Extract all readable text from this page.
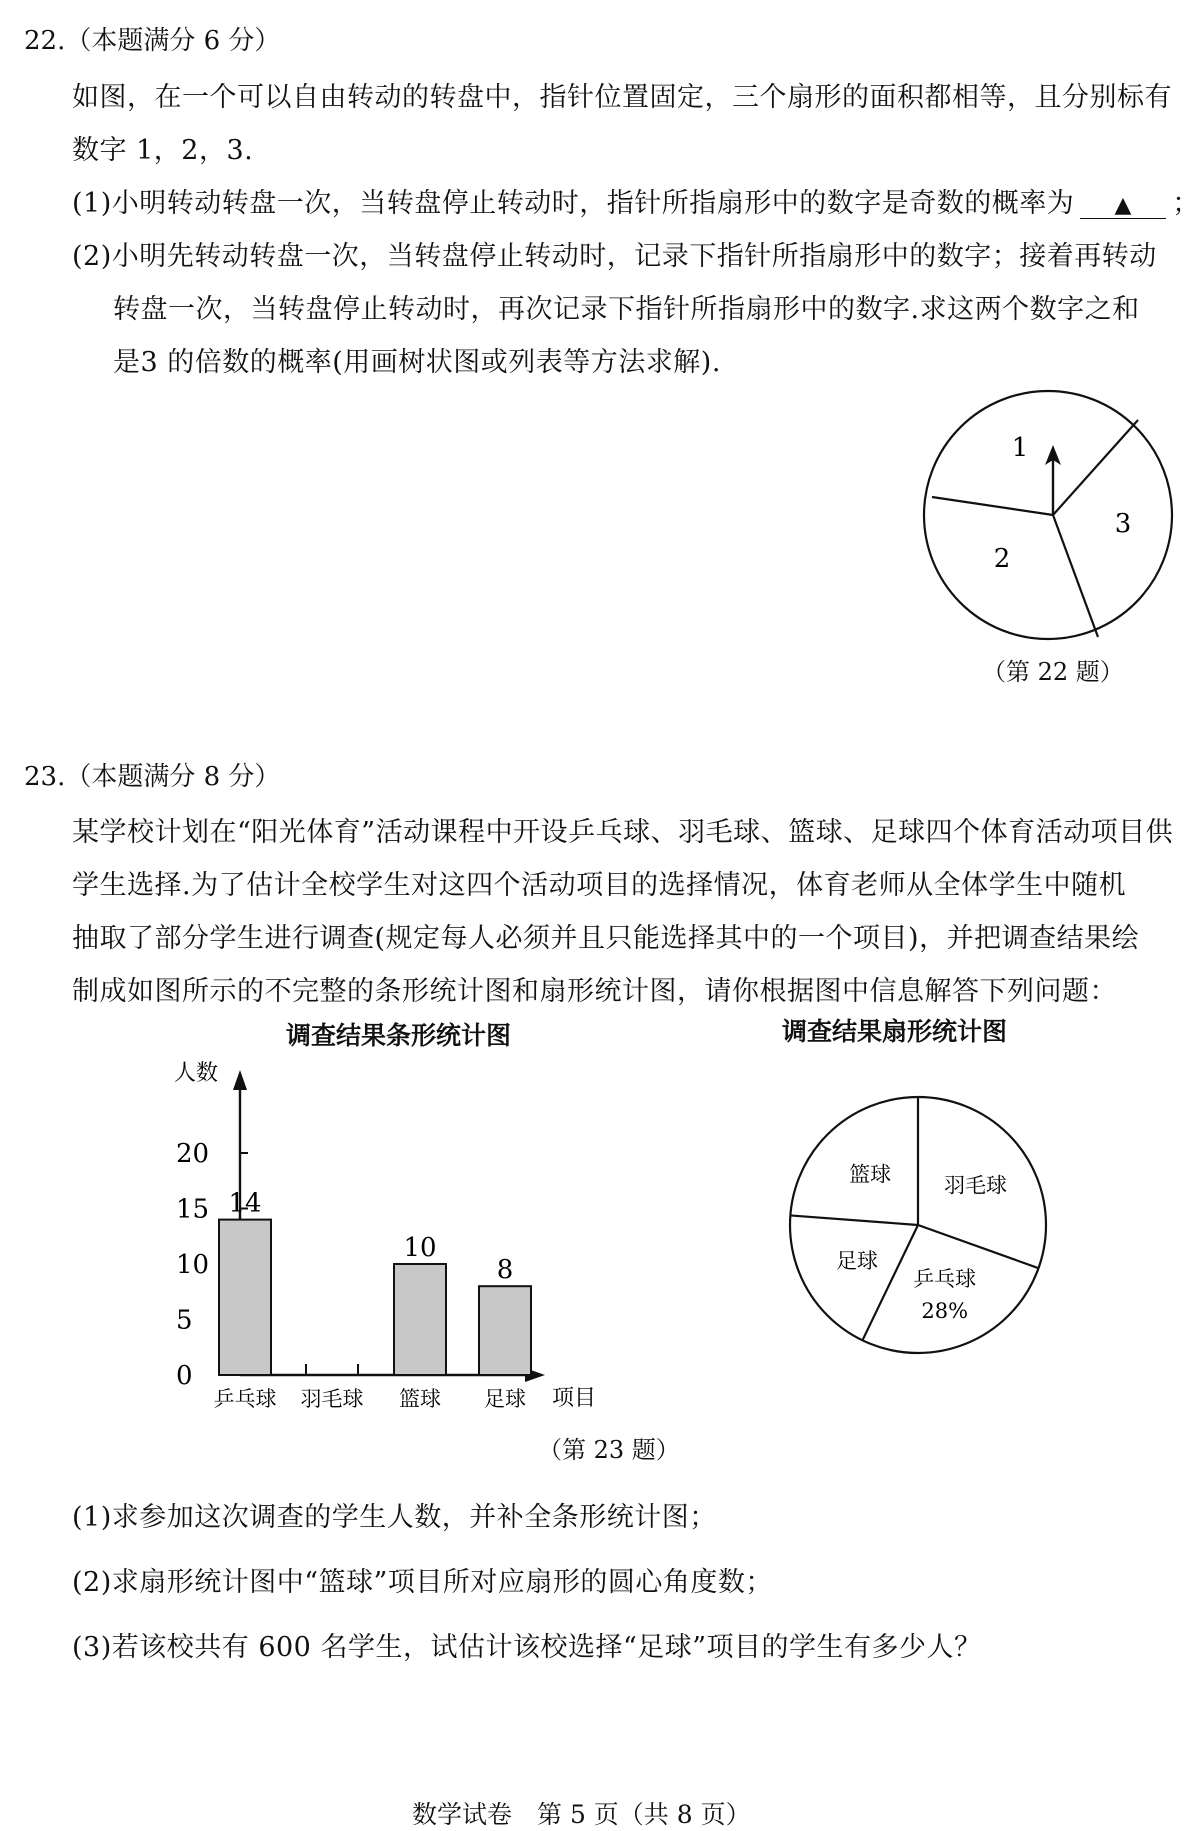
22.（本题满分 6 分）
如图，在一个可以自由转动的转盘中，指针位置固定，三个扇形的面积都相等，且分别标有
数字 1，2，3.
(1)小明转动转盘一次，当转盘停止转动时，指针所指扇形中的数字是奇数的概率为 ▲ ；
(2)小明先转动转盘一次，当转盘停止转动时，记录下指针所指扇形中的数字；接着再转动
转盘一次，当转盘停止转动时，再次记录下指针所指扇形中的数字.求这两个数字之和
是3 的倍数的概率(用画树状图或列表等方法求解).
1
2
3
（第 22 题）
23.（本题满分 8 分）
某学校计划在“阳光体育”活动课程中开设乒乓球、羽毛球、篮球、足球四个体育活动项目供
学生选择.为了估计全校学生对这四个活动项目的选择情况，体育老师从全体学生中随机
抽取了部分学生进行调查(规定每人必须并且只能选择其中的一个项目)，并把调查结果绘
制成如图所示的不完整的条形统计图和扇形统计图，请你根据图中信息解答下列问题：
调查结果条形统计图
人数
项目
0
5
10
15
20
14
乒乓球 羽毛球
10
篮球
8
足球
调查结果扇形统计图
羽毛球
乒乓球
28%
足球
篮球
（第 23 题）
(1)求参加这次调查的学生人数，并补全条形统计图；
(2)求扇形统计图中“篮球”项目所对应扇形的圆心角度数；
(3)若该校共有 600 名学生，试估计该校选择“足球”项目的学生有多少人？
数学试卷　第 5 页（共 8 页）
